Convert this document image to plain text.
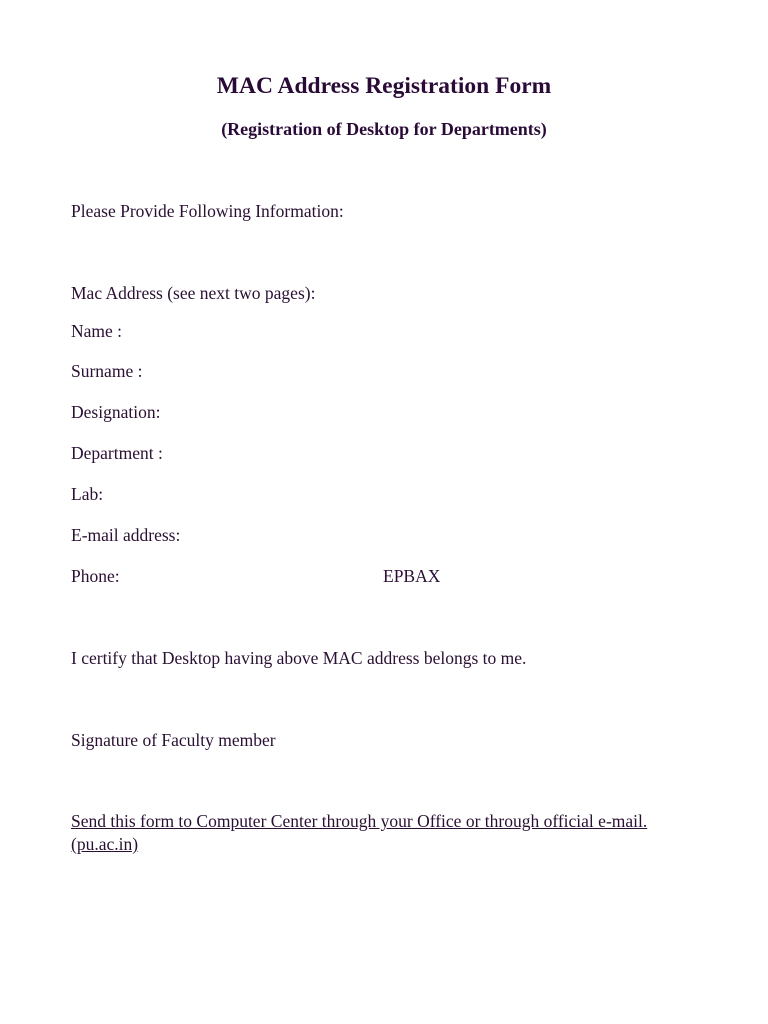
MAC Address Registration Form
(Registration of Desktop for Departments)
Please Provide Following Information:
Mac Address (see next two pages):
Name :
Surname :
Designation:
Department :
Lab:
E-mail address:
Phone:	EPBAX
I certify that Desktop having above MAC address belongs to me.
Signature of Faculty member
Send this form to Computer Center through your Office or through official e-mail.(pu.ac.in)
